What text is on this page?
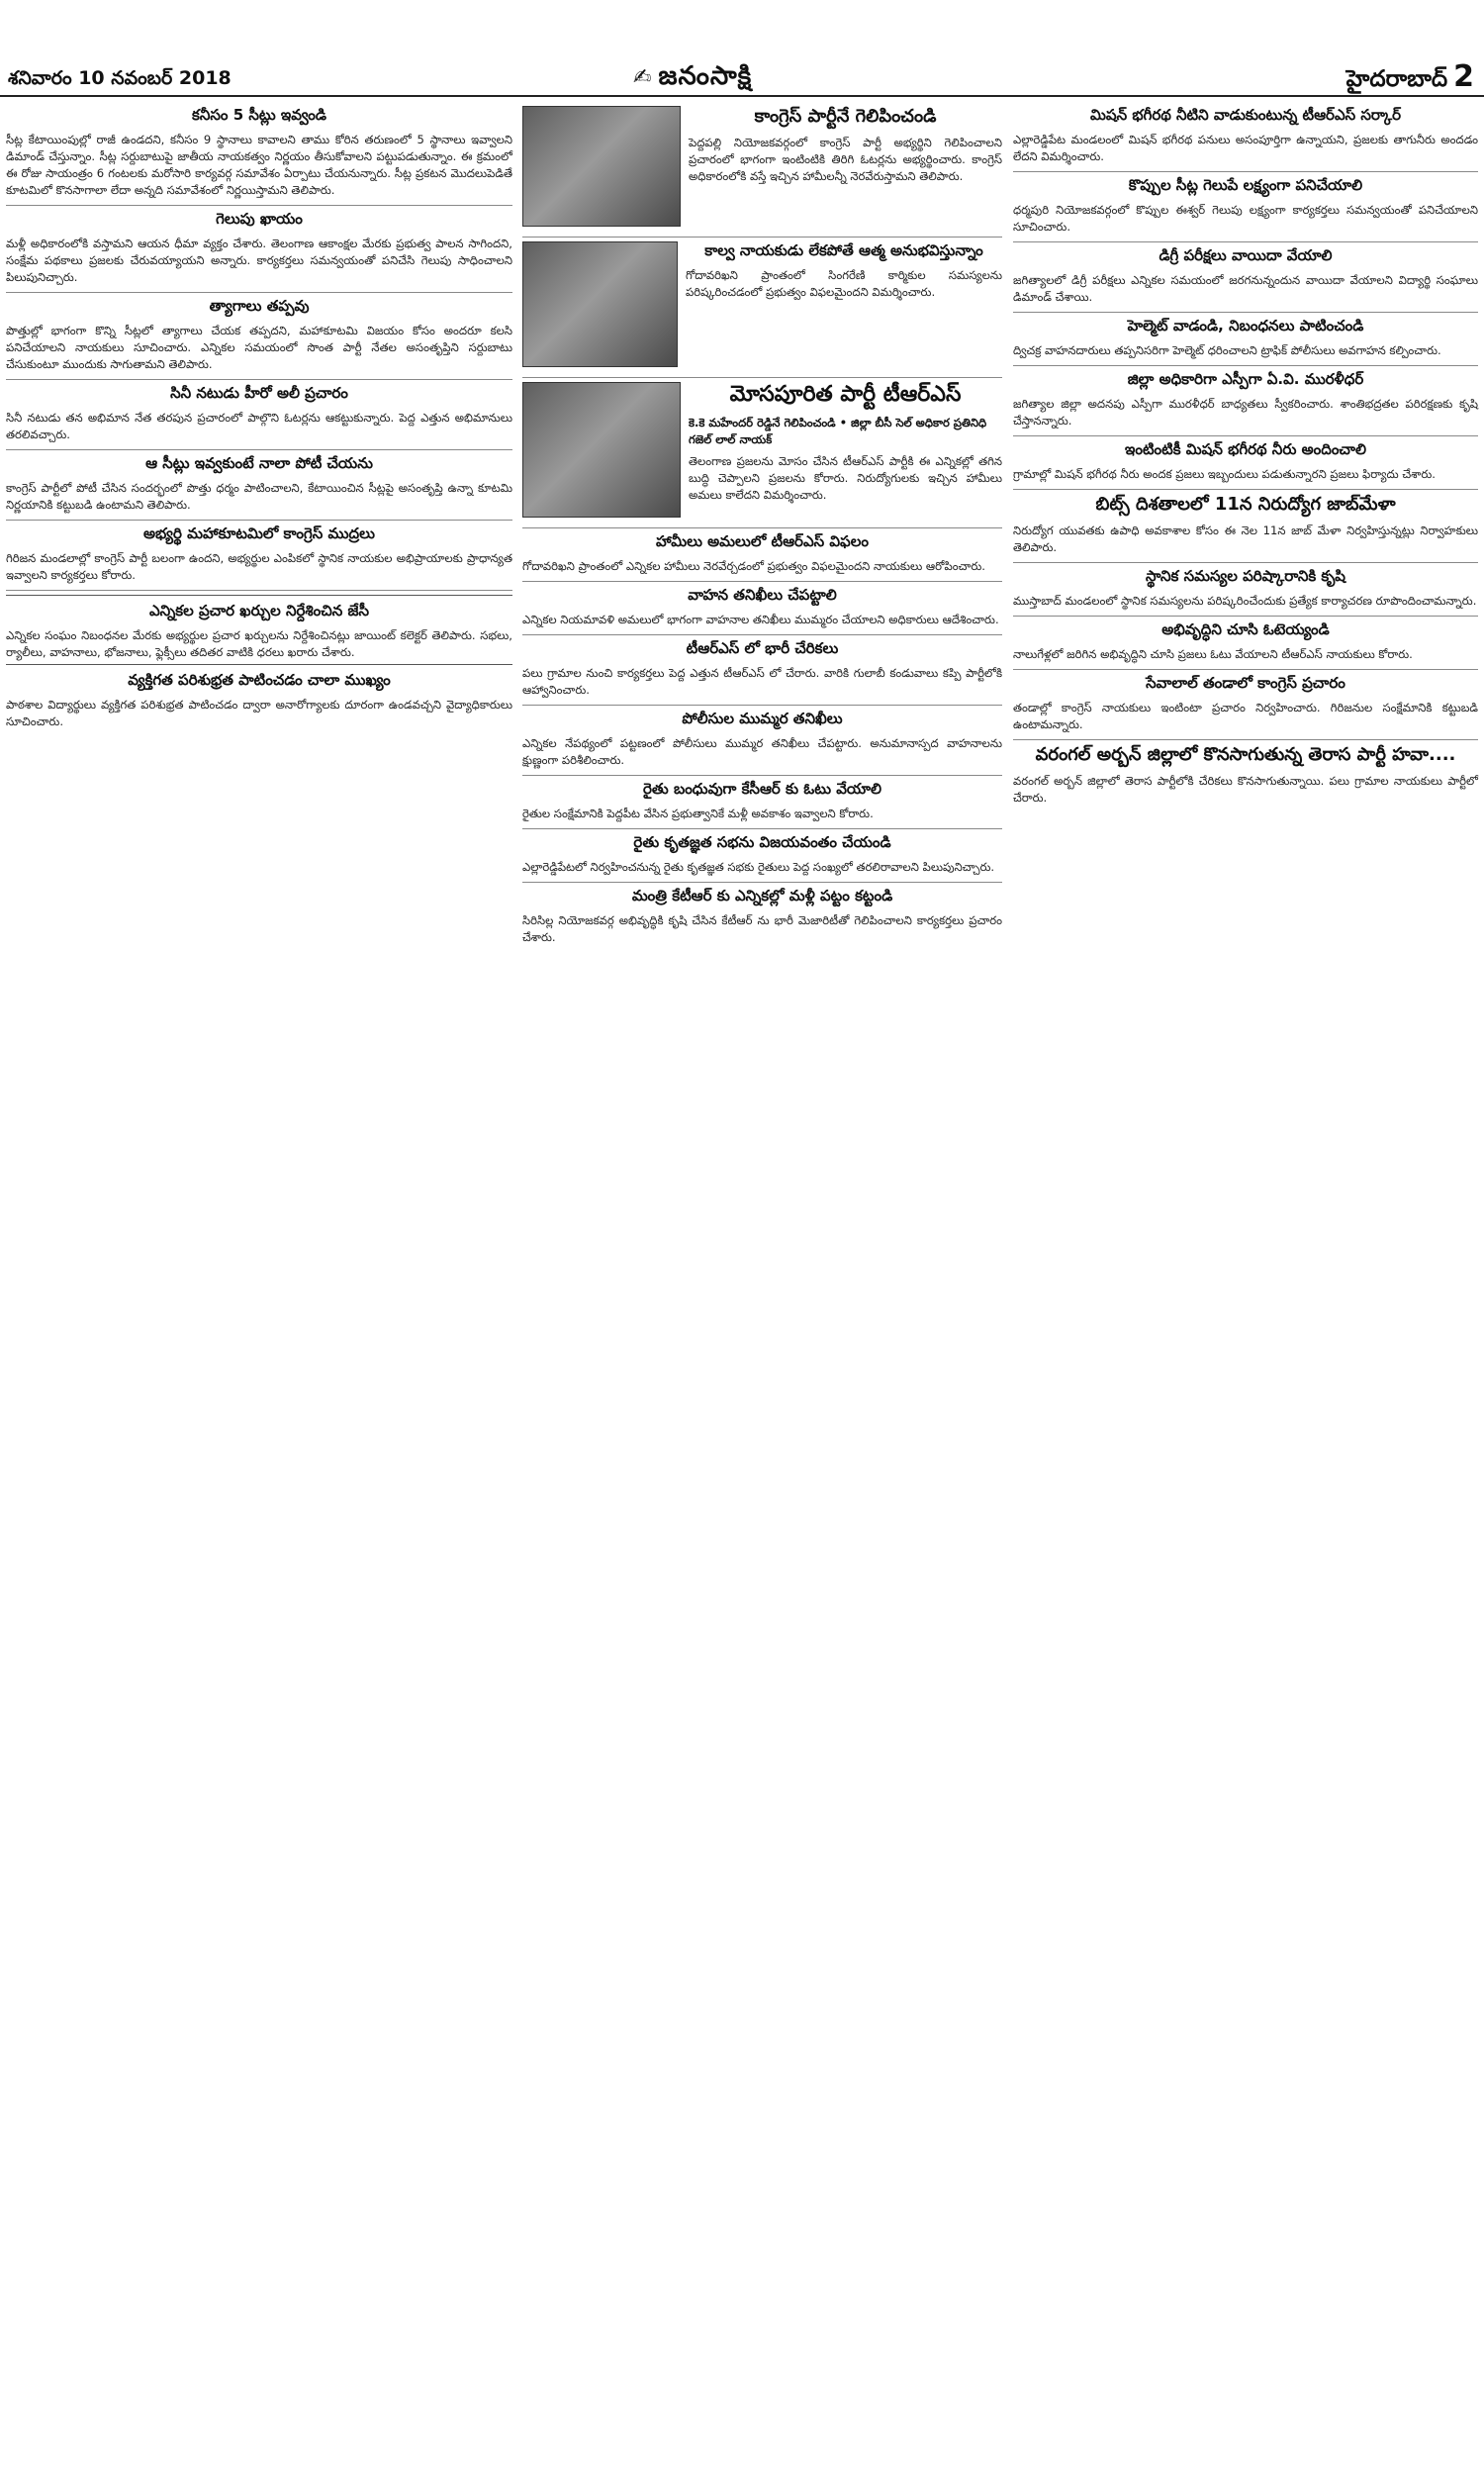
శనివారం 10 నవంబర్ 2018	✍ జనంసాక్షి	హైదరాబాద్ 2
కనీసం 5 సీట్లు ఇవ్వండి
సీట్ల కేటాయింపుల్లో రాజీ ఉండదని, కనీసం 9 స్థానాలు కావాలని తాము కోరిన తరుణంలో 5 స్థానాలు ఇవ్వాలని డిమాండ్ చేస్తున్నాం. సీట్ల సర్దుబాటుపై జాతీయ నాయకత్వం నిర్ణయం తీసుకోవాలని పట్టుపడుతున్నాం. ఈ క్రమంలో ఈ రోజు సాయంత్రం 6 గంటలకు మరోసారి కార్యవర్గ సమావేశం ఏర్పాటు చేయనున్నారు. సీట్ల ప్రకటన మొదలుపెడితే కూటమిలో కొనసాగాలా లేదా అన్నది సమావేశంలో నిర్ణయిస్తామని తెలిపారు.
గెలుపు ఖాయం
మళ్లీ అధికారంలోకి వస్తామని ఆయన ధీమా వ్యక్తం చేశారు. తెలంగాణ ఆకాంక్షల మేరకు ప్రభుత్వ పాలన సాగిందని, సంక్షేమ పథకాలు ప్రజలకు చేరువయ్యాయని అన్నారు. కార్యకర్తలు సమన్వయంతో పనిచేసి గెలుపు సాధించాలని పిలుపునిచ్చారు.
త్యాగాలు తప్పవు
పొత్తుల్లో భాగంగా కొన్ని సీట్లలో త్యాగాలు చేయక తప్పదని, మహాకూటమి విజయం కోసం అందరూ కలసి పనిచేయాలని నాయకులు సూచించారు. ఎన్నికల సమయంలో సొంత పార్టీ నేతల అసంతృప్తిని సర్దుబాటు చేసుకుంటూ ముందుకు సాగుతామని తెలిపారు.
సినీ నటుడు హీరో అలీ ప్రచారం
సినీ నటుడు తన అభిమాన నేత తరపున ప్రచారంలో పాల్గొని ఓటర్లను ఆకట్టుకున్నారు. పెద్ద ఎత్తున అభిమానులు తరలివచ్చారు.
ఆ సీట్లు ఇవ్వకుంటే నాలా పోటీ చేయను
కాంగ్రెస్ పార్టీలో పోటీ చేసిన సందర్భంలో పొత్తు ధర్మం పాటించాలని, కేటాయించిన సీట్లపై అసంతృప్తి ఉన్నా కూటమి నిర్ణయానికి కట్టుబడి ఉంటామని తెలిపారు.
అభ్యర్థి మహాకూటమిలో కాంగ్రెస్ ముద్రలు
గిరిజన మండలాల్లో కాంగ్రెస్ పార్టీ బలంగా ఉందని, అభ్యర్థుల ఎంపికలో స్థానిక నాయకుల అభిప్రాయాలకు ప్రాధాన్యత ఇవ్వాలని కార్యకర్తలు కోరారు.
ఎన్నికల ప్రచార ఖర్చుల నిర్దేశించిన జేసీ
ఎన్నికల సంఘం నిబంధనల మేరకు అభ్యర్థుల ప్రచార ఖర్చులను నిర్దేశించినట్లు జాయింట్ కలెక్టర్ తెలిపారు. సభలు, ర్యాలీలు, వాహనాలు, భోజనాలు, ఫ్లెక్సీలు తదితర వాటికి ధరలు ఖరారు చేశారు.
వ్యక్తిగత పరిశుభ్రత పాటించడం చాలా ముఖ్యం
పాఠశాల విద్యార్థులు వ్యక్తిగత పరిశుభ్రత పాటించడం ద్వారా అనారోగ్యాలకు దూరంగా ఉండవచ్చని వైద్యాధికారులు సూచించారు.
కాంగ్రెస్ పార్టీనే గెలిపించండి
పెద్దపల్లి నియోజకవర్గంలో కాంగ్రెస్ పార్టీ అభ్యర్థిని గెలిపించాలని ప్రచారంలో భాగంగా ఇంటింటికి తిరిగి ఓటర్లను అభ్యర్థించారు. కాంగ్రెస్ అధికారంలోకి వస్తే ఇచ్చిన హామీలన్నీ నెరవేరుస్తామని తెలిపారు.
కాల్వ నాయకుడు లేకపోతే ఆత్మ అనుభవిస్తున్నాం
గోదావరిఖని ప్రాంతంలో సింగరేణి కార్మికుల సమస్యలను పరిష్కరించడంలో ప్రభుత్వం విఫలమైందని విమర్శించారు.
మోసపూరిత పార్టీ టీఆర్ఎస్
కె.కె మహేందర్ రెడ్డినే గెలిపించండి • జిల్లా బీసీ సెల్ అధికార ప్రతినిధి గజెల్ లాల్ నాయక్
తెలంగాణ ప్రజలను మోసం చేసిన టీఆర్ఎస్ పార్టీకి ఈ ఎన్నికల్లో తగిన బుద్ధి చెప్పాలని ప్రజలను కోరారు. నిరుద్యోగులకు ఇచ్చిన హామీలు అమలు కాలేదని విమర్శించారు.
హామీలు అమలులో టీఆర్ఎస్ విఫలం
గోదావరిఖని ప్రాంతంలో ఎన్నికల హామీలు నెరవేర్చడంలో ప్రభుత్వం విఫలమైందని నాయకులు ఆరోపించారు.
వాహన తనిఖీలు చేపట్టాలి
ఎన్నికల నియమావళి అమలులో భాగంగా వాహనాల తనిఖీలు ముమ్మరం చేయాలని అధికారులు ఆదేశించారు.
టీఆర్ఎస్ లో భారీ చేరికలు
పలు గ్రామాల నుంచి కార్యకర్తలు పెద్ద ఎత్తున టీఆర్ఎస్ లో చేరారు. వారికి గులాబీ కండువాలు కప్పి పార్టీలోకి ఆహ్వానించారు.
పోలీసుల ముమ్మర తనిఖీలు
ఎన్నికల నేపథ్యంలో పట్టణంలో పోలీసులు ముమ్మర తనిఖీలు చేపట్టారు. అనుమానాస్పద వాహనాలను క్షుణ్ణంగా పరిశీలించారు.
రైతు బంధువుగా కేసీఆర్ కు ఓటు వేయాలి
రైతుల సంక్షేమానికి పెద్దపీట వేసిన ప్రభుత్వానికే మళ్లీ అవకాశం ఇవ్వాలని కోరారు.
రైతు కృతజ్ఞత సభను విజయవంతం చేయండి
ఎల్లారెడ్డిపేటలో నిర్వహించనున్న రైతు కృతజ్ఞత సభకు రైతులు పెద్ద సంఖ్యలో తరలిరావాలని పిలుపునిచ్చారు.
మంత్రి కేటీఆర్ కు ఎన్నికల్లో మళ్లీ పట్టం కట్టండి
సిరిసిల్ల నియోజకవర్గ అభివృద్ధికి కృషి చేసిన కేటీఆర్ ను భారీ మెజారిటీతో గెలిపించాలని కార్యకర్తలు ప్రచారం చేశారు.
మిషన్ భగీరథ నీటిని వాడుకుంటున్న టీఆర్ఎస్ సర్కార్
ఎల్లారెడ్డిపేట మండలంలో మిషన్ భగీరథ పనులు అసంపూర్తిగా ఉన్నాయని, ప్రజలకు తాగునీరు అందడం లేదని విమర్శించారు.
కొప్పుల సీట్ల గెలుపే లక్ష్యంగా పనిచేయాలి
ధర్మపురి నియోజకవర్గంలో కొప్పుల ఈశ్వర్ గెలుపు లక్ష్యంగా కార్యకర్తలు సమన్వయంతో పనిచేయాలని సూచించారు.
డిగ్రీ పరీక్షలు వాయిదా వేయాలి
జగిత్యాలలో డిగ్రీ పరీక్షలు ఎన్నికల సమయంలో జరగనున్నందున వాయిదా వేయాలని విద్యార్థి సంఘాలు డిమాండ్ చేశాయి.
హెల్మెట్ వాడండి, నిబంధనలు పాటించండి
ద్విచక్ర వాహనదారులు తప్పనిసరిగా హెల్మెట్ ధరించాలని ట్రాఫిక్ పోలీసులు అవగాహన కల్పించారు.
జిల్లా అధికారిగా ఎస్పీగా ఏ.వి. మురళీధర్
జగిత్యాల జిల్లా అదనపు ఎస్పీగా మురళీధర్ బాధ్యతలు స్వీకరించారు. శాంతిభద్రతల పరిరక్షణకు కృషి చేస్తానన్నారు.
ఇంటింటికీ మిషన్ భగీరథ నీరు అందించాలి
గ్రామాల్లో మిషన్ భగీరథ నీరు అందక ప్రజలు ఇబ్బందులు పడుతున్నారని ప్రజలు ఫిర్యాదు చేశారు.
బిట్స్ దిశతాలలో 11న నిరుద్యోగ జాబ్‌మేళా
నిరుద్యోగ యువతకు ఉపాధి అవకాశాల కోసం ఈ నెల 11న జాబ్ మేళా నిర్వహిస్తున్నట్లు నిర్వాహకులు తెలిపారు.
స్థానిక సమస్యల పరిష్కారానికి కృషి
ముస్తాబాద్ మండలంలో స్థానిక సమస్యలను పరిష్కరించేందుకు ప్రత్యేక కార్యాచరణ రూపొందించామన్నారు.
అభివృద్ధిని చూసి ఓటెయ్యండి
నాలుగేళ్లలో జరిగిన అభివృద్ధిని చూసి ప్రజలు ఓటు వేయాలని టీఆర్ఎస్ నాయకులు కోరారు.
సేవాలాల్ తండాలో కాంగ్రెస్ ప్రచారం
తండాల్లో కాంగ్రెస్ నాయకులు ఇంటింటా ప్రచారం నిర్వహించారు. గిరిజనుల సంక్షేమానికి కట్టుబడి ఉంటామన్నారు.
వరంగల్ అర్బన్ జిల్లాలో కొనసాగుతున్న తెరాస పార్టీ హవా....
వరంగల్ అర్బన్ జిల్లాలో తెరాస పార్టీలోకి చేరికలు కొనసాగుతున్నాయి. పలు గ్రామాల నాయకులు పార్టీలో చేరారు.
